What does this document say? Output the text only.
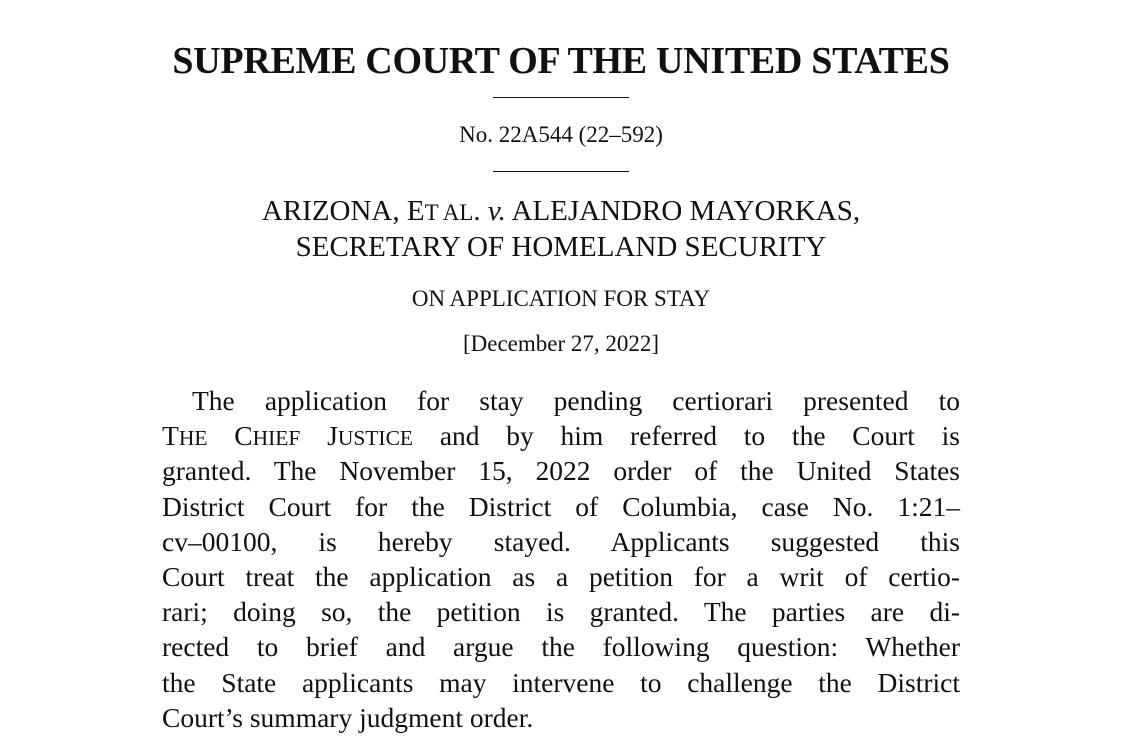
SUPREME COURT OF THE UNITED STATES
No. 22A544 (22–592)
ARIZONA, ET AL. v. ALEJANDRO MAYORKAS,
SECRETARY OF HOMELAND SECURITY
ON APPLICATION FOR STAY
[December 27, 2022]
The application for stay pending certiorari presented to
THE CHIEF JUSTICE and by him referred to the Court is
granted. The November 15, 2022 order of the United States
District Court for the District of Columbia, case No. 1:21–
cv–00100, is hereby stayed. Applicants suggested this
Court treat the application as a petition for a writ of certio-
rari; doing so, the petition is granted. The parties are di-
rected to brief and argue the following question: Whether
the State applicants may intervene to challenge the District
Court’s summary judgment order.
